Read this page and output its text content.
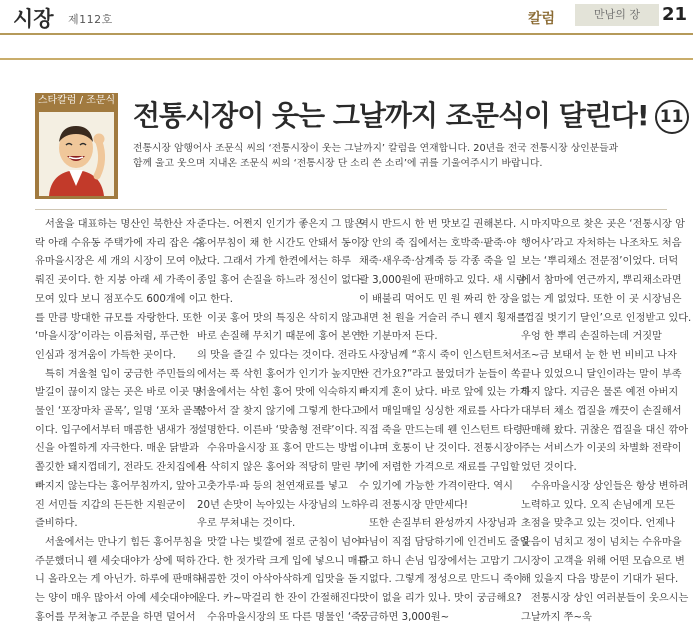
시장 제112호	칼럼	만남의 장	21
스타칼럼 / 조문식 전통시장이 웃는 그날까지 조문식이 달린다! 11

전통시장 암행어사 조문식 씨의 ‘전통시장이 웃는 그날까지’ 칼럼을 연재합니다. 20년을 전국 전통시장 상인분들과

함께 울고 웃으며 지내온 조문식 씨의 ‘전통시장 단 소리 쓴 소리’에 귀를 기울여주시기 바랍니다.

서울을 대표하는 명산인 북한산 자

락 아래 수유동 주택가에 자리 잡은 수

유마을시장은 세 개의 시장이 모여 이

뤄진 곳이다. 한 지붕 아래 세 가족이

모여 있다 보니 점포수도 600개에 이

를 만큼 방대한 규모를 자랑한다. 또한

‘마을시장’이라는 이름처럼, 푸근한

인심과 정겨움이 가득한 곳이다.

특히 겨울철 입이 궁금한 주민들의

발길이 끊이지 않는 곳은 바로 이곳 명

물인 ‘포장마차 골목’, 일명 ‘포차 골목’

이다. 입구에서부터 매콤한 냄새가 정

신을 아찔하게 자극한다. 매운 닭발과

쫄깃한 돼지껍데기, 전라도 잔치집에서

빠지지 않는다는 홍어무침까지, 앞아

진 서민들 지갑의 든든한 지원군이

즐비하다.

서울에서는 만나기 힘든 홍어무침을

주문했더니 웬 세숫대야가 상에 떡하

니 올라오는 게 아닌가. 하루에 판매하

는 양이 매우 많아서 아예 세숫대야에

홍어를 무쳐놓고 주문을 하면 덜어서

준다는. 어쩐지 인기가 좋은지 그 많은

홍어무침이 채 한 시간도 안돼서 동이

났다. 그래서 가게 한켠에서는 하루

종일 홍어 손질을 하느라 정신이 없다

고 한다.

이곳 홍어 맛의 특징은 삭히지 않고

바로 손질해 무치기 때문에 홍어 본연

의 맛을 즐길 수 있다는 것이다. 전라도

에서는 푹 삭힌 홍어가 인기가 높지만

서울에서는 삭힌 홍어 맛에 익숙하지

않아서 잘 찾지 않기에 그렇게 한다고

설명한다. 이른바 ‘맞춤형 전략’이다.

수유마을시장 표 홍어 만드는 방법

은 삭히지 않은 홍어와 적당히 말린 무

고춧가루·파 등의 천연재료를 넣고

20년 손맛이 녹아있는 사장님의 노하

우로 무쳐내는 것이다.

맛깔 나는 빛깔에 절로 군침이 넘어

간다. 한 젓가락 크게 입에 넣으니 매콤

새콤한 것이 아삭아삭하게 입맛을 돋

운다. 카~막걸리 한 잔이 간절해진다.

수유마을시장의 또 다른 명물인 ‘죽’

역시 반드시 한 번 맛보길 권해본다. 시

장 안의 죽 집에서는 호박죽·팥죽·야

채죽·새우죽·삼계죽 등 각종 죽을 일

괄 3,000원에 판매하고 있다. 새 시람

이 배불리 먹어도 민 원 짜리 한 장을

내면 천 원을 거슬러 주니 웬지 횡재를

한 기분마저 든다.

사장님께 “휴시 죽이 인스턴트처서

싼 건가요?”라고 물었더가 눈들이 쏙

빠지게 혼이 났다. 바로 앞에 있는 가게

에서 매일매일 싱싱한 재료를 사다가

직접 죽을 만드는데 웬 인스턴트 타령

이냐며 호통이 난 것이다. 전통시장이

기에 저렴한 가격으로 재료를 구입할

수 있기에 가능한 가격이란다. 역시

우리 전통시장 만만세다!

또한 손질부터 완성까지 사장님과

따님이 직접 담당하기에 인건비도 줄일

다고 하니 손님 입장에서는 고맙기 그

지없다. 그렇게 정성으로 만드니 죽이

맛이 없을 리가 있나. 맛이 궁금해요?

궁금하면 3,000원~

마지막으로 찾은 곳은 ‘전통시장 암

행어사’라고 자처하는 나조차도 처음

보는 ‘뿌리채소 전문점’이었다. 더덕

에서 참마에 연근까지, 뿌리채소라면

없는 게 없었다. 또한 이 곳 시장님은

‘껍질 벗기기 달인’으로 인정받고 있다.

우엉 한 뿌리 손질하는데 거짓말

조~금 보태서 눈 한 번 비비고 나자

끝나 있었으니 달인이라는 말이 부족

하지 않다. 지금은 물론 예전 아버지

대부터 채소 껍질을 깨끗이 손질해서

판매해 왔다. 귀찮은 껍질을 대신 깎아

주는 서비스가 이곳의 차별화 전략이

었던 것이다.

수유마을시장 상인들은 항상 변하려

노력하고 있다. 오직 손님에게 모든

초점을 맞추고 있는 것이다. 언제나

웃음이 넘치고 정이 넘치는 수유마을

시장이 고객을 위해 어떤 모습으로 변

해 있을지 다음 방문이 기대가 된다.

전통시장 상인 여러분들이 웃으시는

그날까지 쭈~욱
